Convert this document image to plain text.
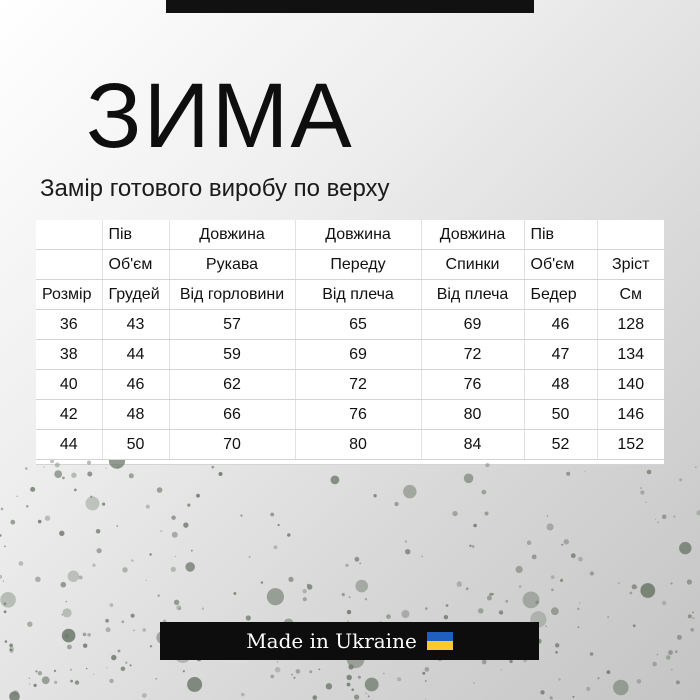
ЗИМА
Замір готового виробу по верху
	Пів	Довжина	Довжина	Довжина	Пів	
	Об'єм	Рукава	Переду	Спинки	Об'єм	Зріст
Розмір	Грудей	Від горловини	Від плеча	Від плеча	Бедер	См
36	43	57	65	69	46	128
38	44	59	69	72	47	134
40	46	62	72	76	48	140
42	48	66	76	80	50	146
44	50	70	80	84	52	152

Made in Ukraine
